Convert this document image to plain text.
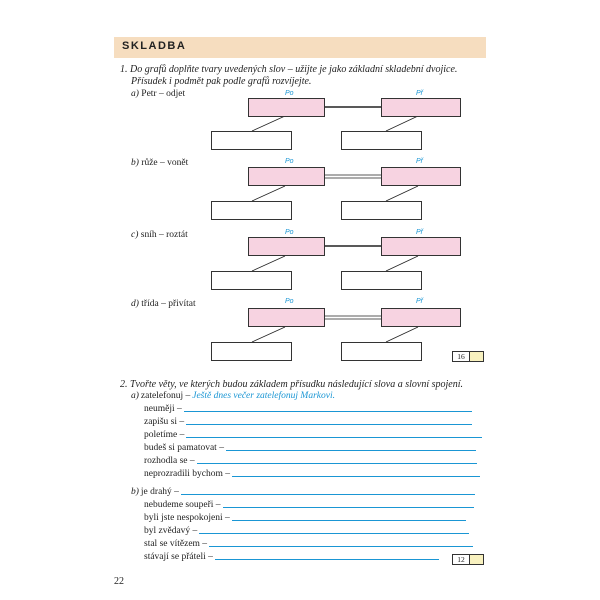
SKLADBA
1. Do grafů doplňte tvary uvedených slov – užijte je jako základní skladební dvojice.
Přísudek i podmět pak podle grafů rozvíjejte.
a) Petr – odjet	Po	Př
b) růže – vonět	Po	Př
c) sníh – roztát	Po	Př
d) třída – přivítat	Po	Př
16
2. Tvořte věty, ve kterých budou základem přísudku následující slova a slovní spojení.
a) zatelefonuj – Ještě dnes večer zatelefonuj Markovi.
neuměji –
zapišu si –
poletíme –
budeš si pamatovat –
rozhodla se –
neprozradili bychom –
b) je drahý –
nebudeme soupeři –
byli jste nespokojeni –
byl zvědavý –
stal se vítězem –
stávají se přáteli –	12
22
